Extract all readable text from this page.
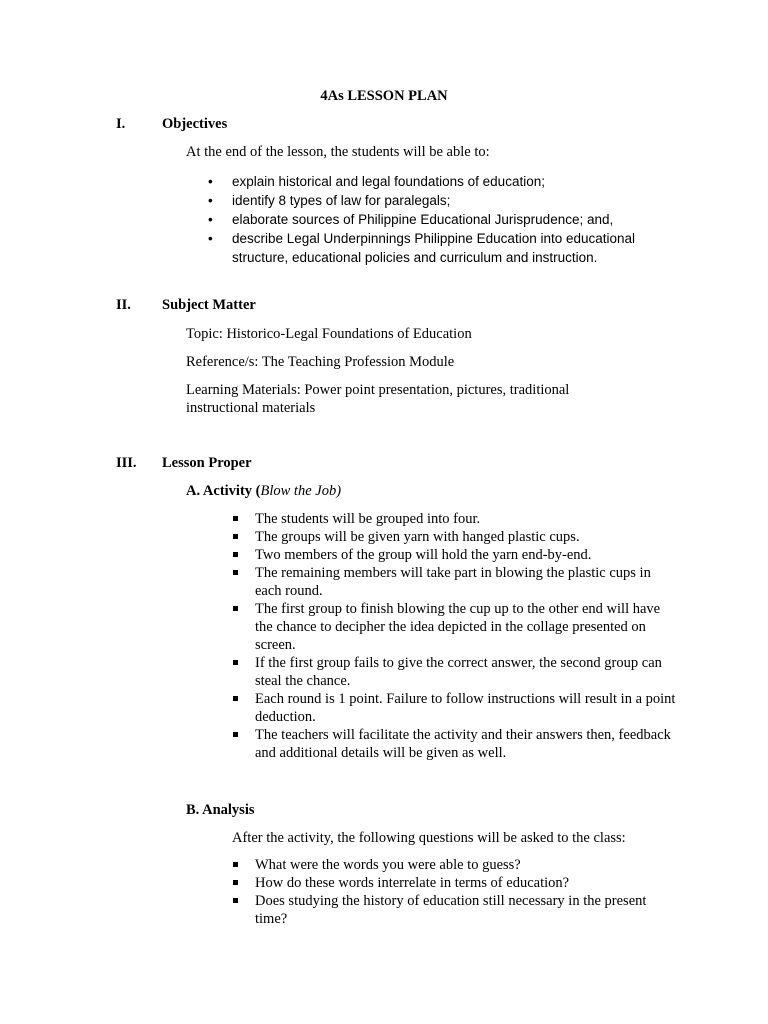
4As LESSON PLAN
I.	Objectives
At the end of the lesson, the students will be able to:
• explain historical and legal foundations of education;
• identify 8 types of law for paralegals;
• elaborate sources of Philippine Educational Jurisprudence; and,
• describe Legal Underpinnings Philippine Education into educational structure, educational policies and curriculum and instruction.
II. Subject Matter
Topic: Historico-Legal Foundations of Education
Reference/s: The Teaching Profession Module
Learning Materials: Power point presentation, pictures, traditional instructional materials
III. Lesson Proper
A. Activity (Blow the Job)
The students will be grouped into four.
The groups will be given yarn with hanged plastic cups.
Two members of the group will hold the yarn end-by-end.
The remaining members will take part in blowing the plastic cups in each round.
The first group to finish blowing the cup up to the other end will have the chance to decipher the idea depicted in the collage presented on screen.
If the first group fails to give the correct answer, the second group can steal the chance.
Each round is 1 point. Failure to follow instructions will result in a point deduction.
The teachers will facilitate the activity and their answers then, feedback and additional details will be given as well.
B. Analysis
After the activity, the following questions will be asked to the class:
What were the words you were able to guess?
How do these words interrelate in terms of education?
Does studying the history of education still necessary in the present time?
